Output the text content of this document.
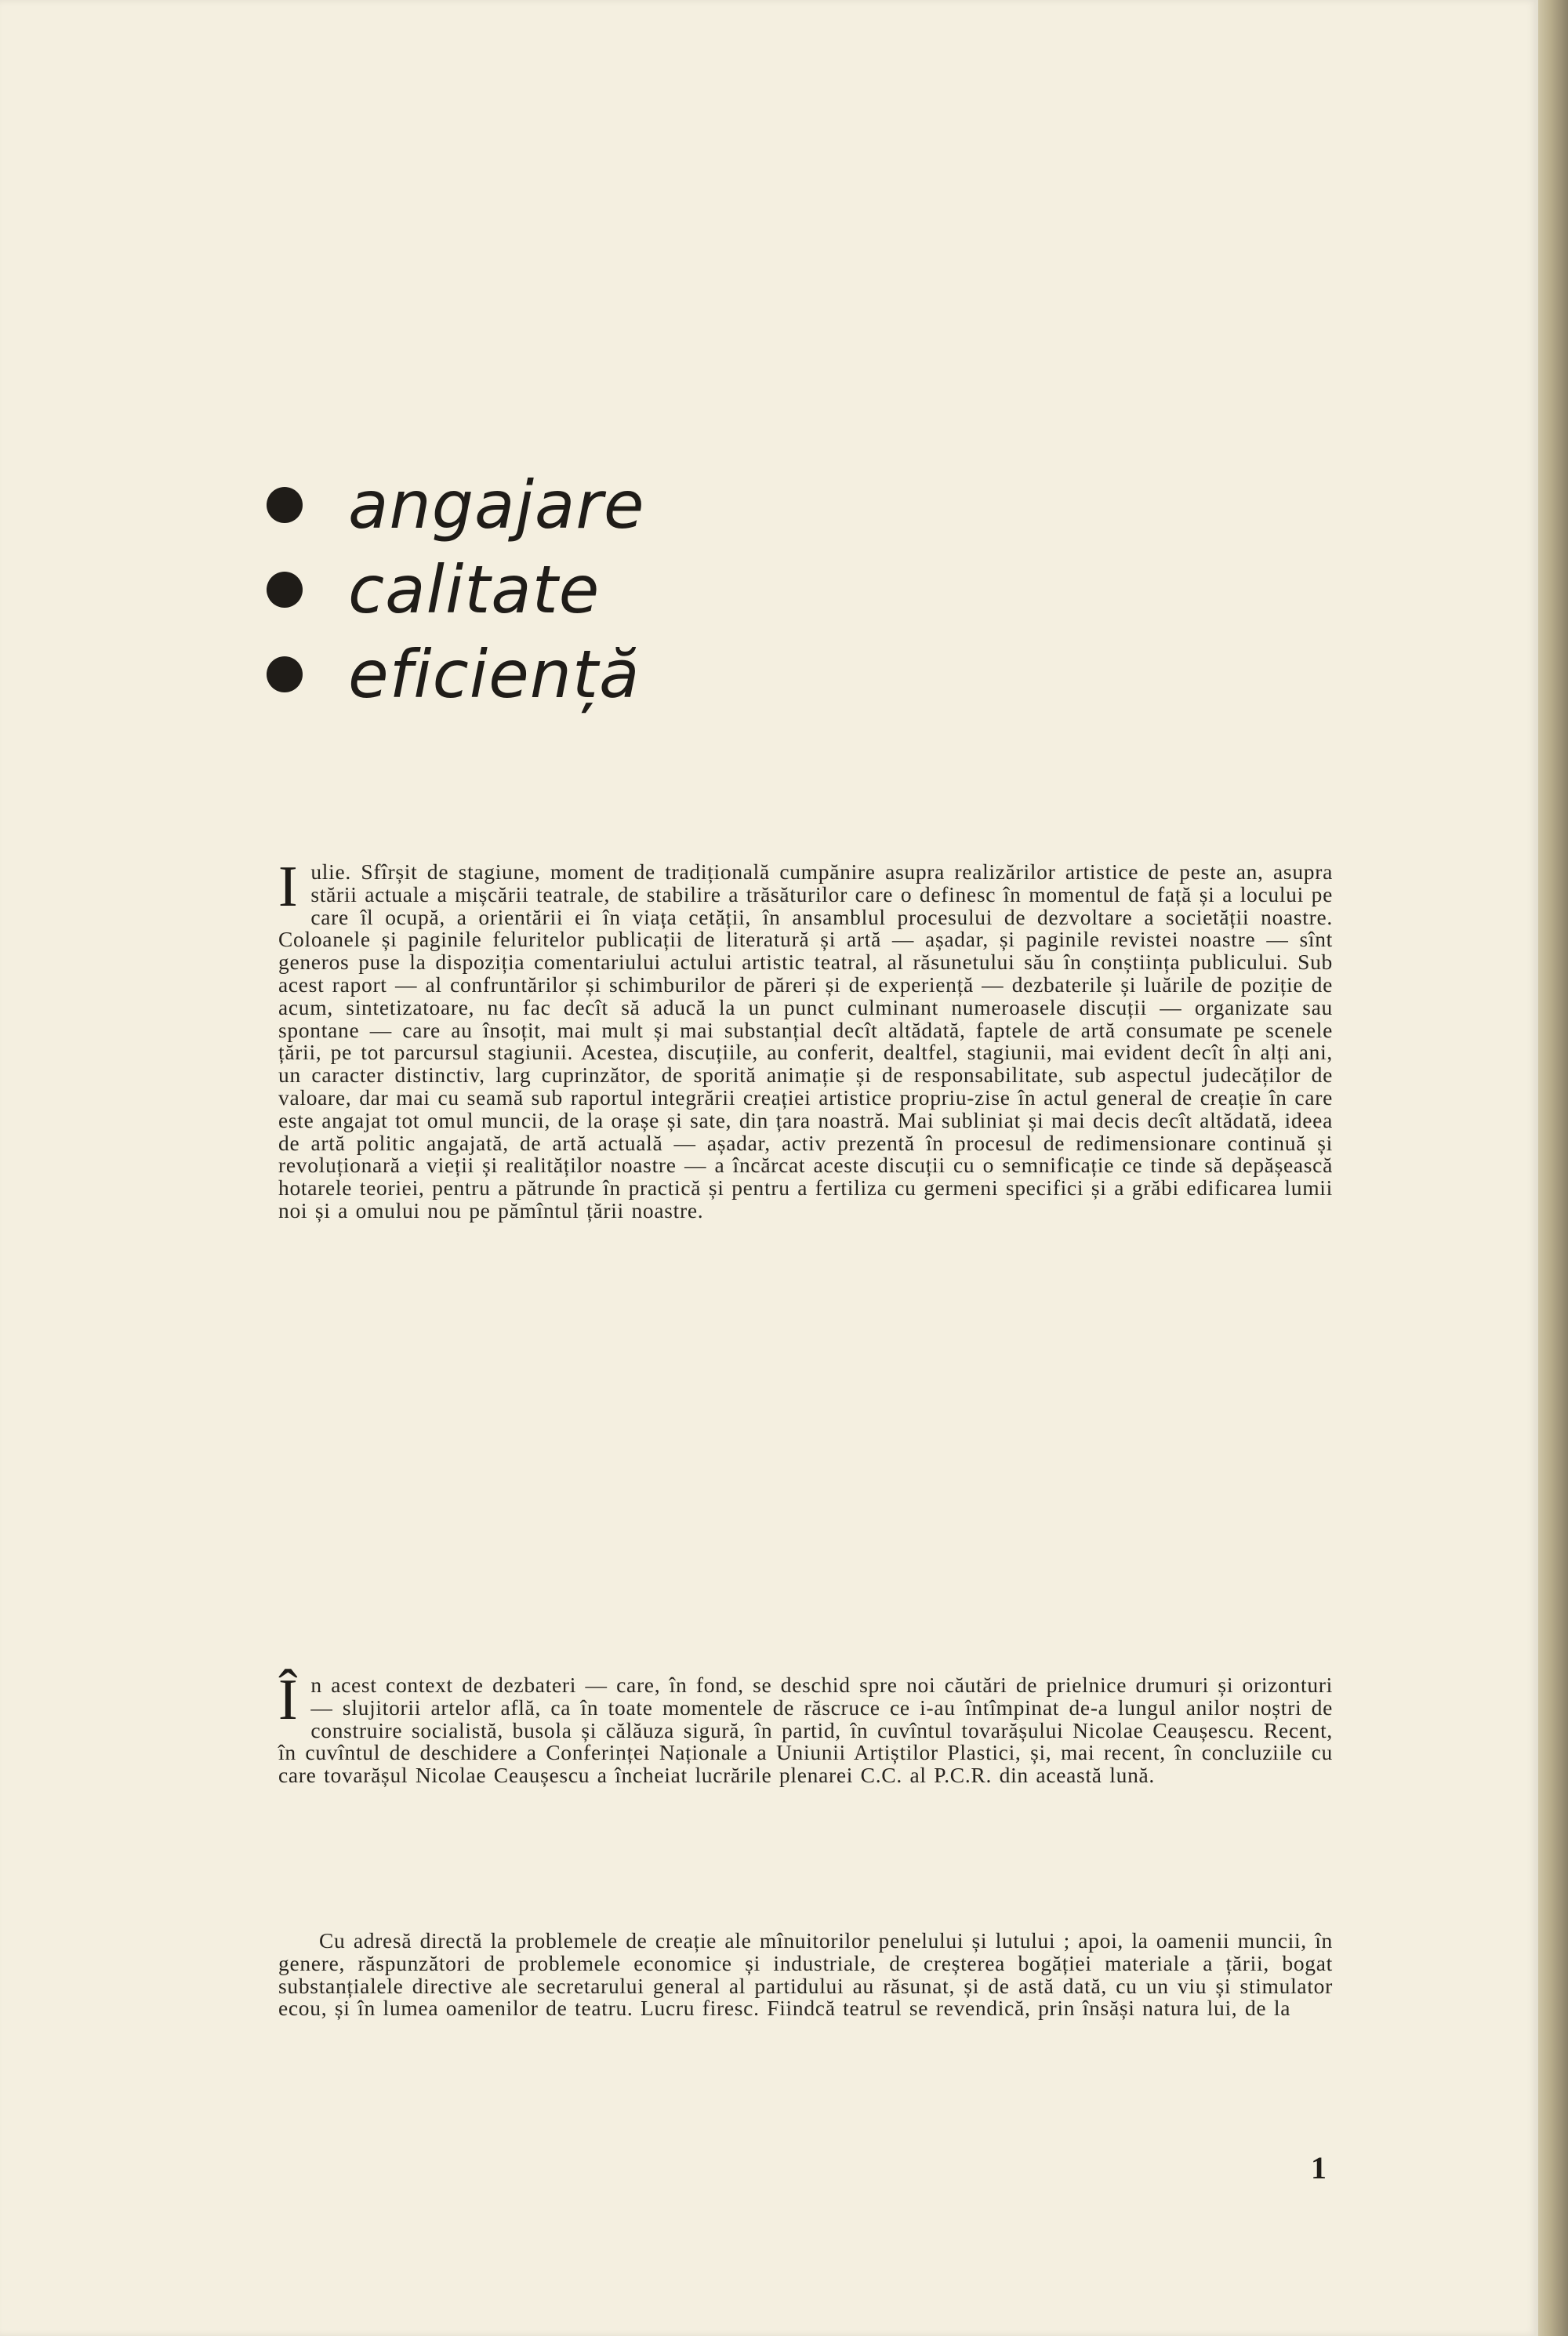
angajare
calitate
eficiență

Iulie. Sfîrșit de stagiune, moment de tradițională cumpănire asupra realizărilor artistice de peste an, asupra stării actuale a mișcării teatrale, de stabilire a trăsăturilor care o definesc în momentul de față și a locului pe care îl ocupă, a orientării ei în viața cetății, în ansamblul procesului de dezvoltare a societății noastre. Coloanele și paginile feluritelor publicații de literatură și artă — așadar, și paginile revistei noastre — sînt generos puse la dispoziția comentariului actului artistic teatral, al răsunetului său în conștiința publicului. Sub acest raport — al confruntărilor și schimburilor de păreri și de experiență — dezbaterile și luările de poziție de acum, sintetizatoare, nu fac decît să aducă la un punct culminant numeroasele discuții — organizate sau spontane — care au însoțit, mai mult și mai substanțial decît altădată, faptele de artă consumate pe scenele țării, pe tot parcursul stagiunii. Acestea, discuțiile, au conferit, dealtfel, stagiunii, mai evident decît în alți ani, un caracter distinctiv, larg cuprinzător, de sporită animație și de responsabilitate, sub aspectul judecăților de valoare, dar mai cu seamă sub raportul integrării creației artistice propriu-zise în actul general de creație în care este angajat tot omul muncii, de la orașe și sate, din țara noastră. Mai subliniat și mai decis decît altădată, ideea de artă politic angajată, de artă actuală — așadar, activ prezentă în procesul de redimensionare continuă și revoluționară a vieții și realităților noastre — a încărcat aceste discuții cu o semnificație ce tinde să depășească hotarele teoriei, pentru a pătrunde în practică și pentru a fertiliza cu germeni specifici și a grăbi edificarea lumii noi și a omului nou pe pămîntul țării noastre.

În acest context de dezbateri — care, în fond, se deschid spre noi căutări de prielnice drumuri și orizonturi — slujitorii artelor află, ca în toate momentele de răscruce ce i-au întîmpinat de-a lungul anilor noștri de construire socialistă, busola și călăuza sigură, în partid, în cuvîntul tovarășului Nicolae Ceaușescu. Recent, în cuvîntul de deschidere a Conferinței Naționale a Uniunii Artiștilor Plastici, și, mai recent, în concluziile cu care tovarășul Nicolae Ceaușescu a încheiat lucrările plenarei C.C. al P.C.R. din această lună.

Cu adresă directă la problemele de creație ale mînuitorilor penelului și lutului ; apoi, la oamenii muncii, în genere, răspunzători de problemele economice și industriale, de creșterea bogăției materiale a țării, bogat substanțialele directive ale secretarului general al partidului au răsunat, și de astă dată, cu un viu și stimulator ecou, și în lumea oamenilor de teatru. Lucru firesc. Fiindcă teatrul se revendică, prin însăși natura lui, de la

1
